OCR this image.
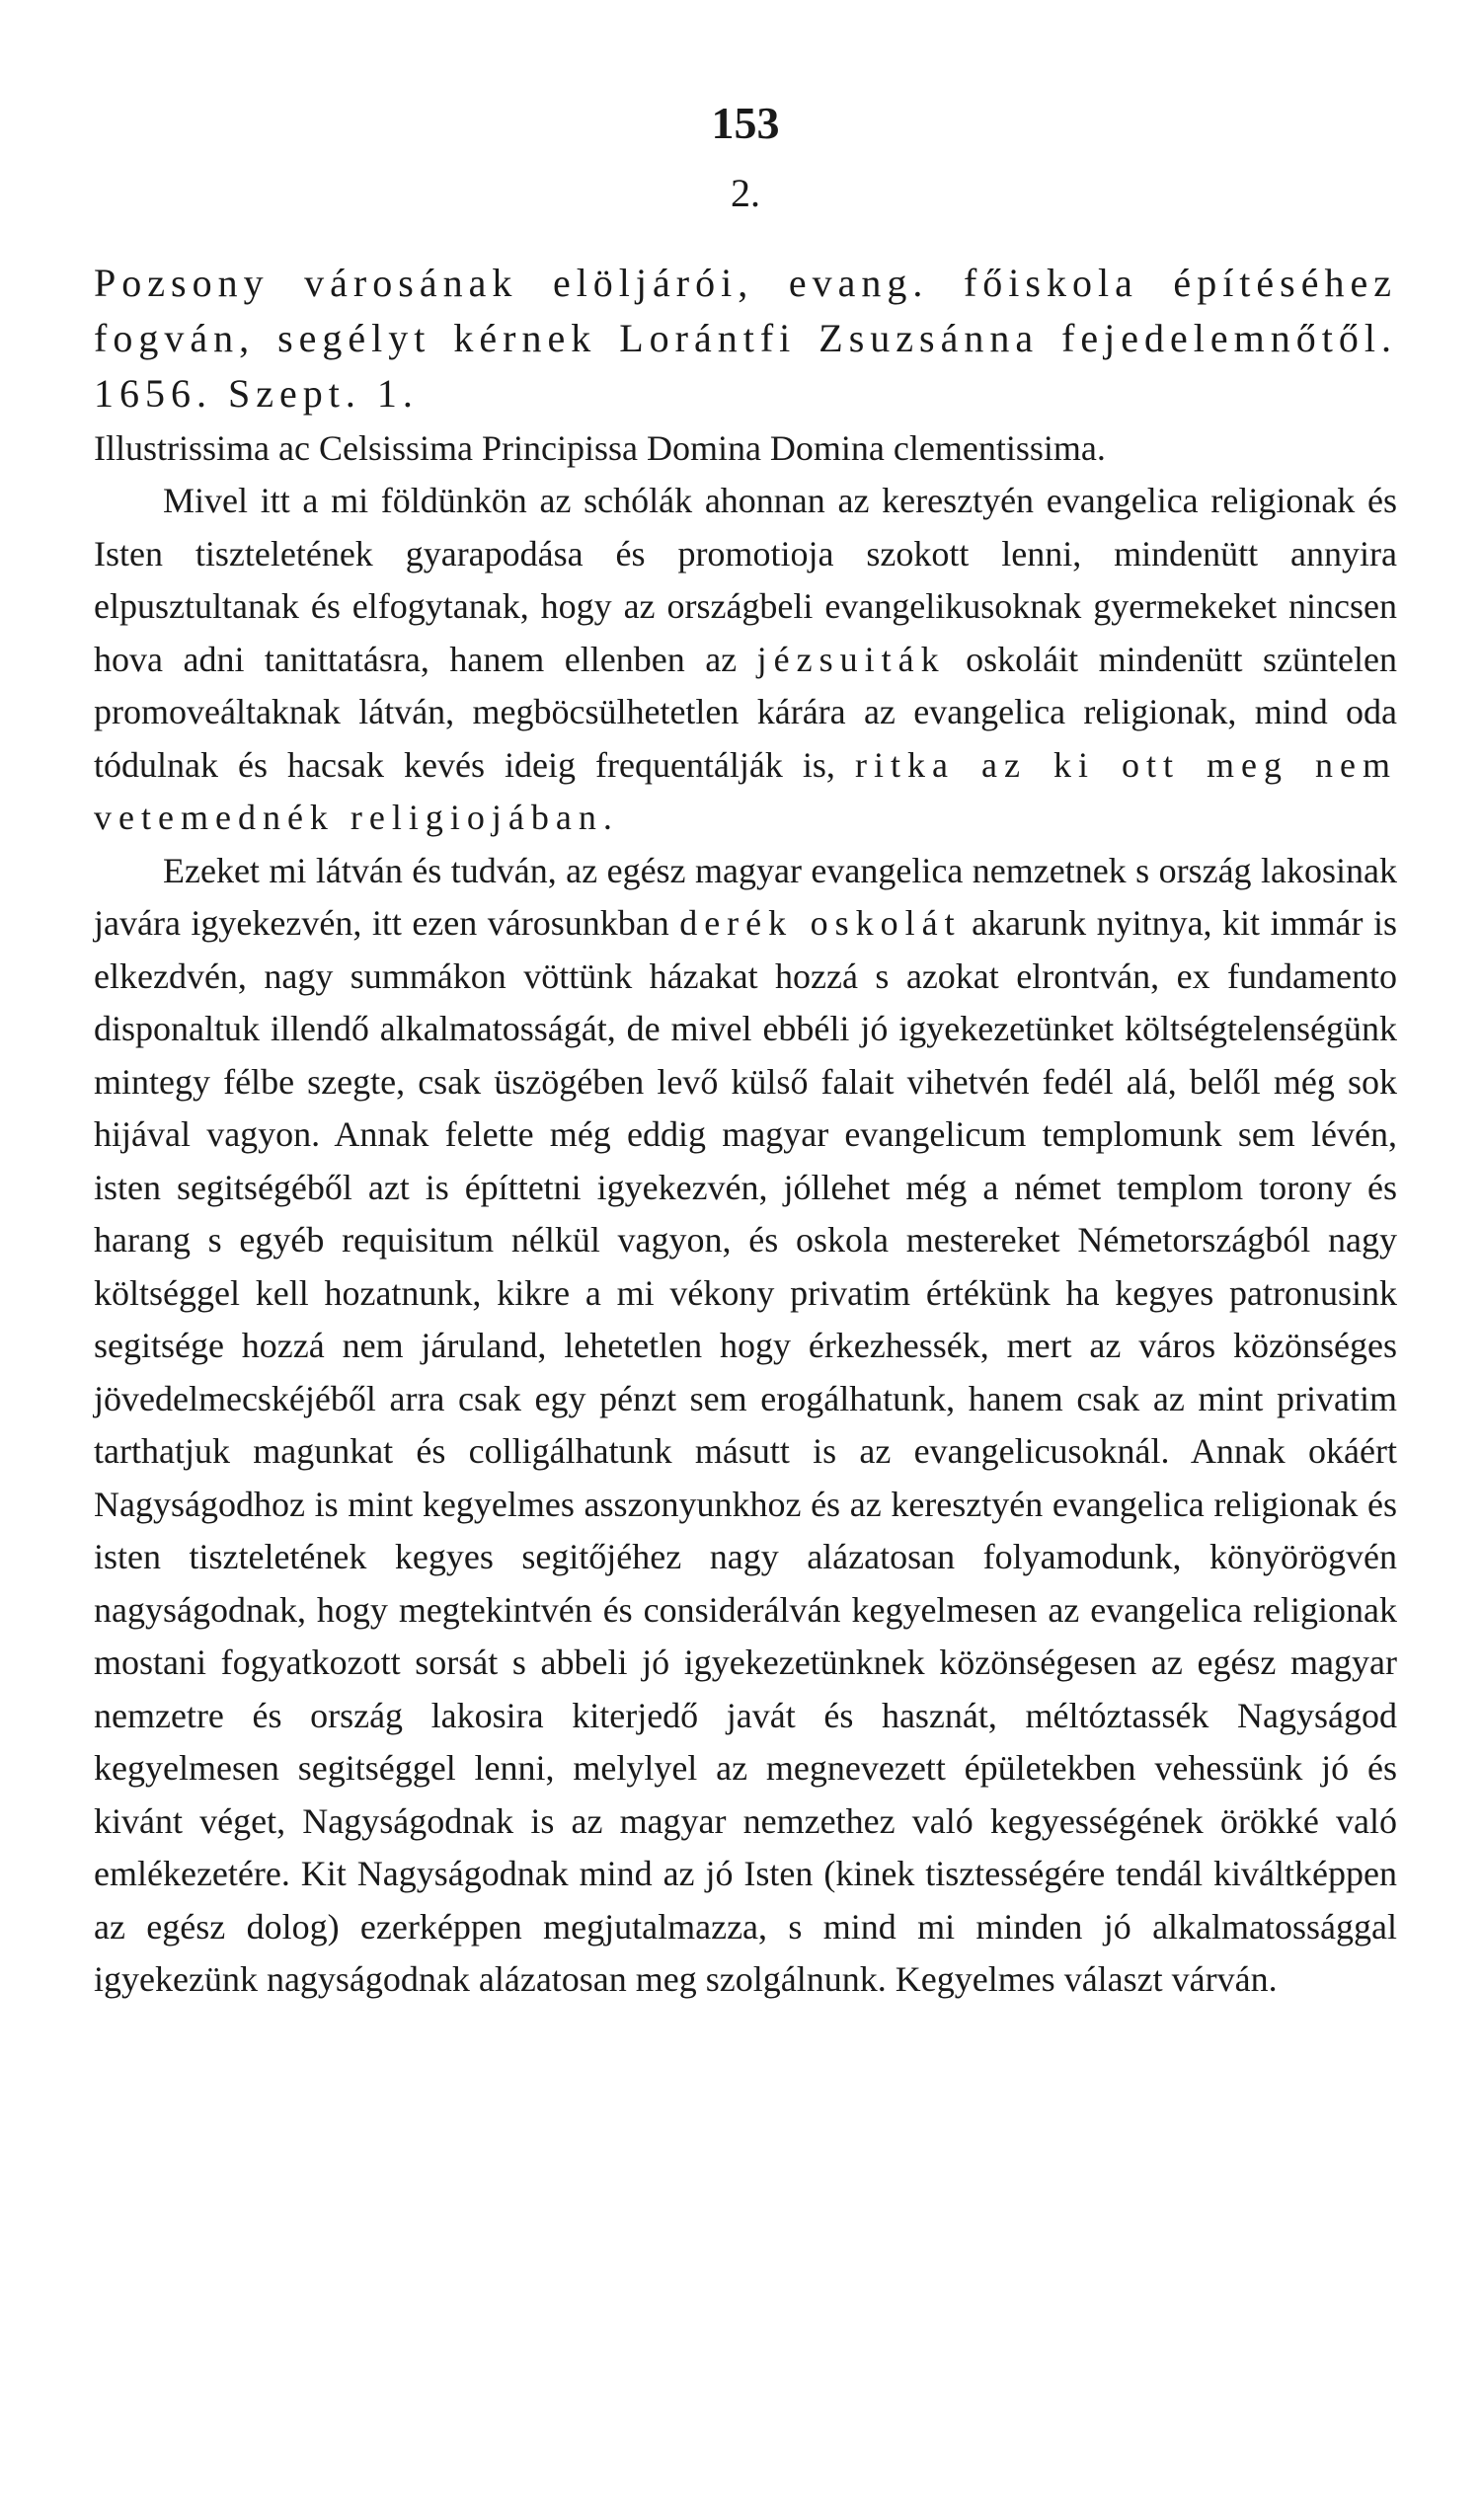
153
2.

Pozsony városának elöljárói, evang. főiskola építéséhez fogván, segélyt kérnek Lorántfi Zsuzsánna fejedelemnőtől. 1656. Szept. 1.

Illustrissima ac Celsissima Principissa Domina Domina clementissima.

Mivel itt a mi földünkön az schólák ahonnan az keresztyén evangelica religionak és Isten tiszteletének gyarapodása és promotioja szokott lenni, mindenütt annyira elpusztultanak és elfogytanak, hogy az országbeli evangelikusoknak gyermekeket nincsen hova adni tanittatásra, hanem ellenben az jézsuiták oskoláit mindenütt szüntelen promoveáltaknak látván, megböcsülhetetlen kárára az evangelica religionak, mind oda tódulnak és hacsak kevés ideig frequentálják is, ritka az ki ott meg nem vetemednék religiojában.

Ezeket mi látván és tudván, az egész magyar evangelica nemzetnek s ország lakosinak javára igyekezvén, itt ezen városunkban derék oskolát akarunk nyitnya, kit immár is elkezdvén, nagy summákon vöttünk házakat hozzá s azokat elrontván, ex fundamento disponaltuk illendő alkalmatosságát, de mivel ebbéli jó igyekezetünket költségtelenségünk mintegy félbe szegte, csak üszögében levő külső falait vihetvén fedél alá, belől még sok hijával vagyon. Annak felette még eddig magyar evangelicum templomunk sem lévén, isten segitségéből azt is építtetni igyekezvén, jóllehet még a német templom torony és harang s egyéb requisitum nélkül vagyon, és oskola mestereket Németországból nagy költséggel kell hozatnunk, kikre a mi vékony privatim értékünk ha kegyes patronusink segitsége hozzá nem járuland, lehetetlen hogy érkezhessék, mert az város közönséges jövedelmecskéjéből arra csak egy pénzt sem erogálhatunk, hanem csak az mint privatim tarthatjuk magunkat és colligálhatunk másutt is az evangelicusoknál. Annak okáért Nagyságodhoz is mint kegyelmes asszonyunkhoz és az keresztyén evangelica religionak és isten tiszteletének kegyes segitőjéhez nagy alázatosan folyamodunk, könyörögvén nagyságodnak, hogy megtekintvén és considerálván kegyelmesen az evangelica religionak mostani fogyatkozott sorsát s abbeli jó igyekezetünknek közönségesen az egész magyar nemzetre és ország lakosira kiterjedő javát és hasznát, méltóztassék Nagyságod kegyelmesen segitséggel lenni, melylyel az megnevezett épületekben vehessünk jó és kivánt véget, Nagyságodnak is az magyar nemzethez való kegyességének örökké való emlékezetére. Kit Nagyságodnak mind az jó Isten (kinek tisztességére tendál kiváltképpen az egész dolog) ezerképpen megjutalmazza, s mind mi minden jó alkalmatossággal igyekezünk nagyságodnak alázatosan meg szolgálnunk. Kegyelmes választ várván.
